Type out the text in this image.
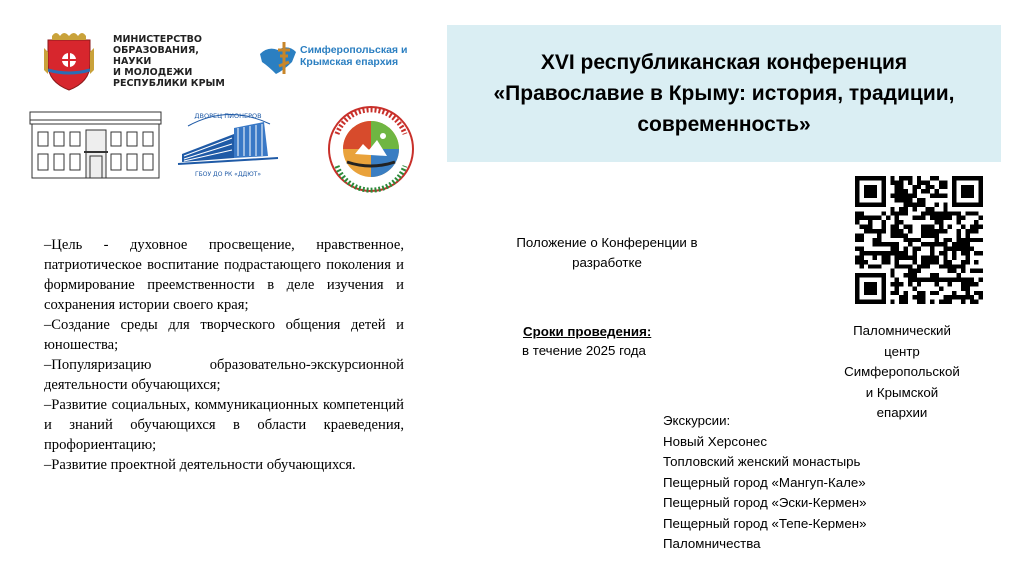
МИНИСТЕРСТВО
ОБРАЗОВАНИЯ, НАУКИ
И МОЛОДЕЖИ
РЕСПУБЛИКИ КРЫМ
Симферопольская и
Крымская епархия
ДВОРЕЦ ПИОНЕРОВ
ГБОУ ДО РК «ДДЮТ»
XVI республиканская конференция
«Православие в Крыму: история, традиции,
современность»

–Цель - духовное просвещение, нравственное, патриотическое воспитание подрастающего поколения и формирование преемственности в деле изучения и сохранения истории своего края;

–Создание среды для творческого общения детей и юношества;

–Популяризацию образовательно-экскурсионной деятельности обучающихся;

–Развитие социальных, коммуникационных компетенций и знаний обучающихся в области краеведения, профориентацию;

–Развитие проектной деятельности обучающихся.

Положение о Конференции в разработке
Сроки проведения:
в течение 2025 года
Паломнический
центр
Симферопольской
и Крымской
епархии
Экскурсии:
Новый Херсонес
Топловский женский монастырь
Пещерный город «Мангуп-Кале»
Пещерный город «Эски-Кермен»
Пещерный город «Тепе-Кермен»
Паломничества
